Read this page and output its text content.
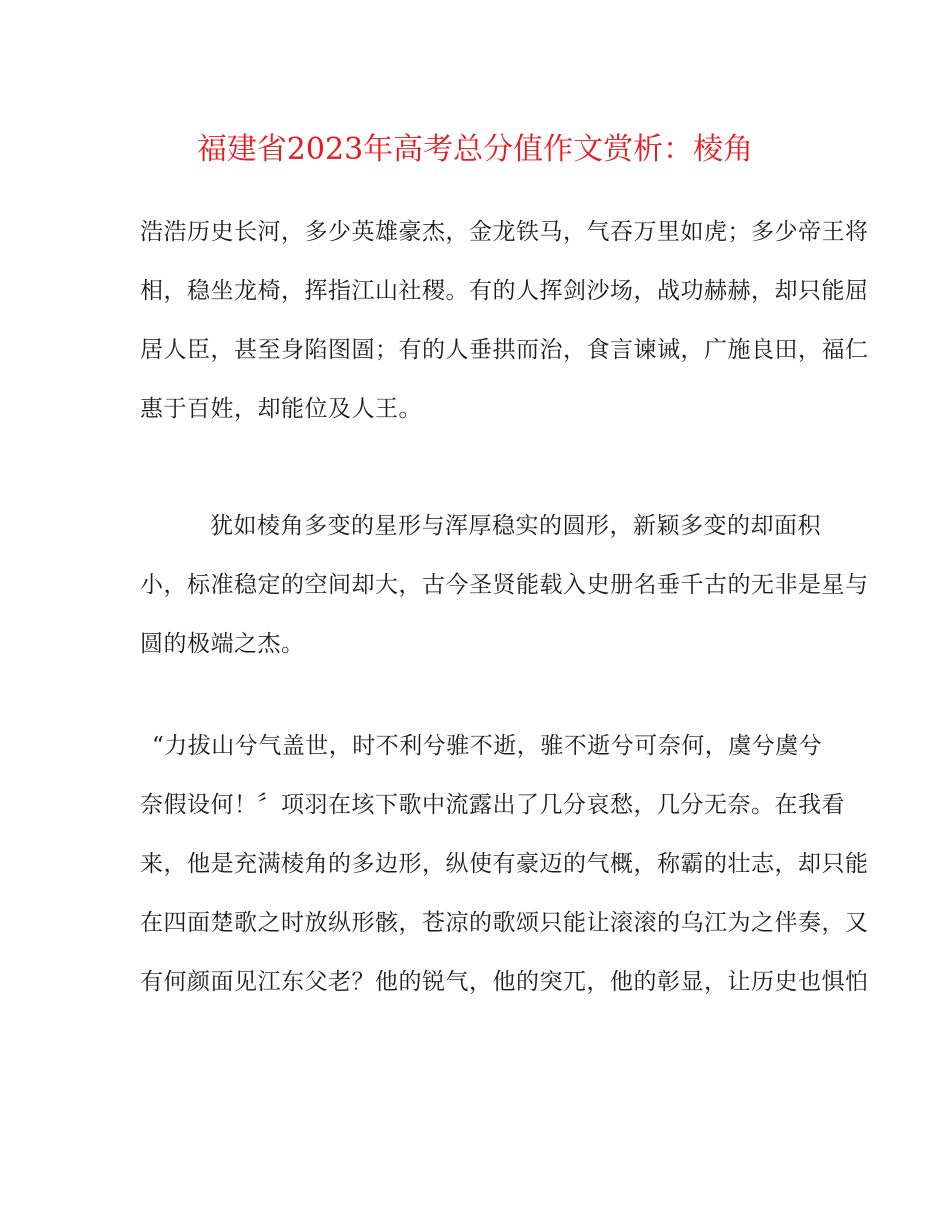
福建省2023年高考总分值作文赏析：棱角
浩浩历史长河，多少英雄豪杰，金龙铁马，气吞万里如虎；多少帝王将
相，稳坐龙椅，挥指江山社稷。有的人挥剑沙场，战功赫赫，却只能屈
居人臣，甚至身陷图圄；有的人垂拱而治，食言谏诫，广施良田，福仁
惠于百姓，却能位及人王。
犹如棱角多变的星形与浑厚稳实的圆形，新颖多变的却面积
小，标准稳定的空间却大，古今圣贤能载入史册名垂千古的无非是星与
圆的极端之杰。
“力拔山兮气盖世，时不利兮骓不逝，骓不逝兮可奈何，虞兮虞兮
奈假设何！〞项羽在垓下歌中流露出了几分哀愁，几分无奈。在我看
来，他是充满棱角的多边形，纵使有豪迈的气概，称霸的壮志，却只能
在四面楚歌之时放纵形骸，苍凉的歌颂只能让滚滚的乌江为之伴奏，又
有何颜面见江东父老？他的锐气，他的突兀，他的彰显，让历史也惧怕
